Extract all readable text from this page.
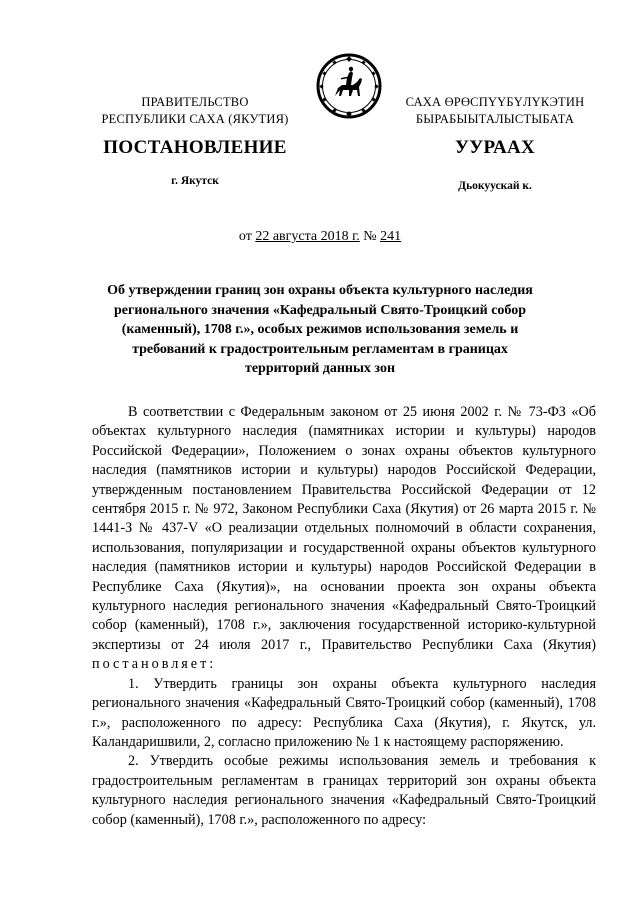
ПРАВИТЕЛЬСТВО
РЕСПУБЛИКИ САХА (ЯКУТИЯ)
САХА ӨРӨСПҮҮБҮЛҮКЭТИН
БЫРАБЫЫТАЛЫСТЫБАТА
ПОСТАНОВЛЕНИЕ	УУРААХ
г. Якутск	Дьокуускай к.
от 22 августа 2018 г. № 241
Об утверждении границ зон охраны объекта культурного наследия регионального значения «Кафедральный Свято-Троицкий собор (каменный), 1708 г.», особых режимов использования земель и требований к градостроительным регламентам в границах территорий данных зон

В соответствии с Федеральным законом от 25 июня 2002 г. № 73-ФЗ «Об объектах культурного наследия (памятниках истории и культуры) народов Российской Федерации», Положением о зонах охраны объектов культурного наследия (памятников истории и культуры) народов Российской Федерации, утвержденным постановлением Правительства Российской Федерации от 12 сентября 2015 г. № 972, Законом Республики Саха (Якутия) от 26 марта 2015 г. № 1441-З № 437-V «О реализации отдельных полномочий в области сохранения, использования, популяризации и государственной охраны объектов культурного наследия (памятников истории и культуры) народов Российской Федерации в Республике Саха (Якутия)», на основании проекта зон охраны объекта культурного наследия регионального значения «Кафедральный Свято-Троицкий собор (каменный), 1708 г.», заключения государственной историко-культурной экспертизы от 24 июля 2017 г., Правительство Республики Саха (Якутия) постановляет:

1. Утвердить границы зон охраны объекта культурного наследия регионального значения «Кафедральный Свято-Троицкий собор (каменный), 1708 г.», расположенного по адресу: Республика Саха (Якутия), г. Якутск, ул. Каландаришвили, 2, согласно приложению № 1 к настоящему распоряжению.

2. Утвердить особые режимы использования земель и требования к градостроительным регламентам в границах территорий зон охраны объекта культурного наследия регионального значения «Кафедральный Свято-Троицкий собор (каменный), 1708 г.», расположенного по адресу:
